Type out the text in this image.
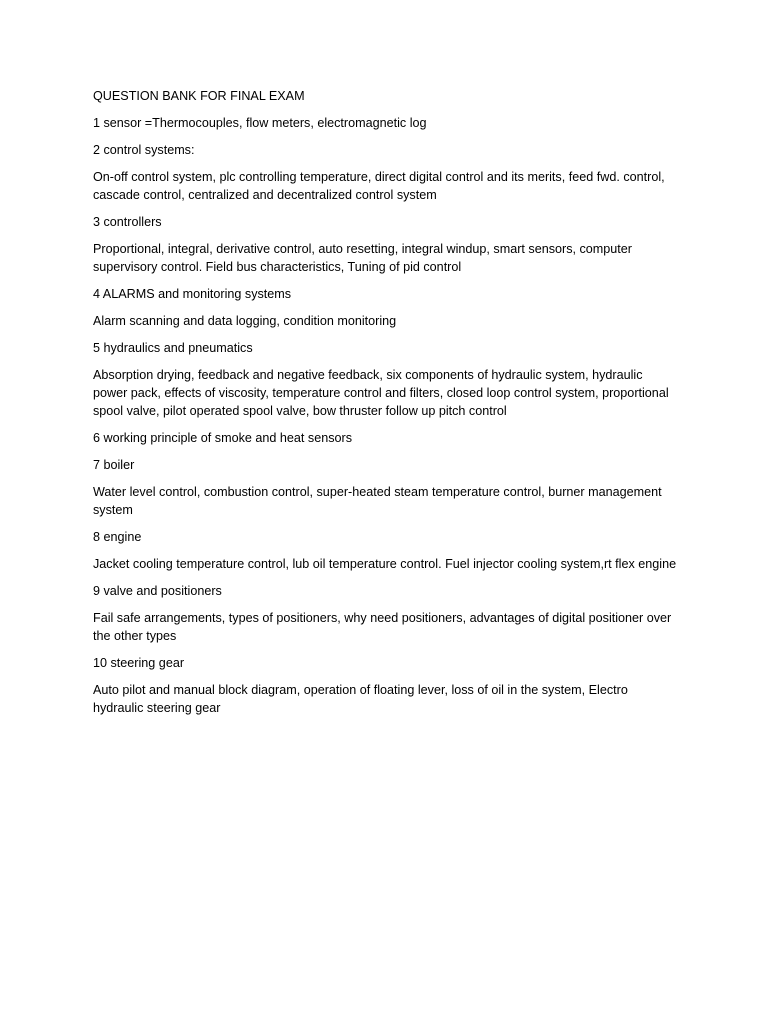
QUESTION BANK FOR FINAL EXAM

1 sensor =Thermocouples, flow meters, electromagnetic log

2 control systems:

On-off control system, plc controlling temperature, direct digital control and its merits, feed fwd. control, cascade control, centralized and decentralized control system

3 controllers

Proportional, integral, derivative control, auto resetting, integral windup, smart sensors, computer supervisory control. Field bus characteristics, Tuning of pid control

4 ALARMS and monitoring systems

Alarm scanning and data logging, condition monitoring

5 hydraulics and pneumatics

Absorption drying, feedback and negative feedback, six components of hydraulic system, hydraulic power pack, effects of viscosity, temperature control and filters, closed loop control system, proportional spool valve, pilot operated spool valve, bow thruster follow up pitch control

6 working principle of smoke and heat sensors

7 boiler

Water level control, combustion control, super-heated steam temperature control, burner management system

8 engine

Jacket cooling temperature control, lub oil temperature control. Fuel injector cooling system,rt flex engine

9 valve and positioners

Fail safe arrangements, types of positioners, why need positioners, advantages of digital positioner over the other types

10 steering gear

Auto pilot and manual block diagram, operation of floating lever, loss of oil in the system, Electro hydraulic steering gear
